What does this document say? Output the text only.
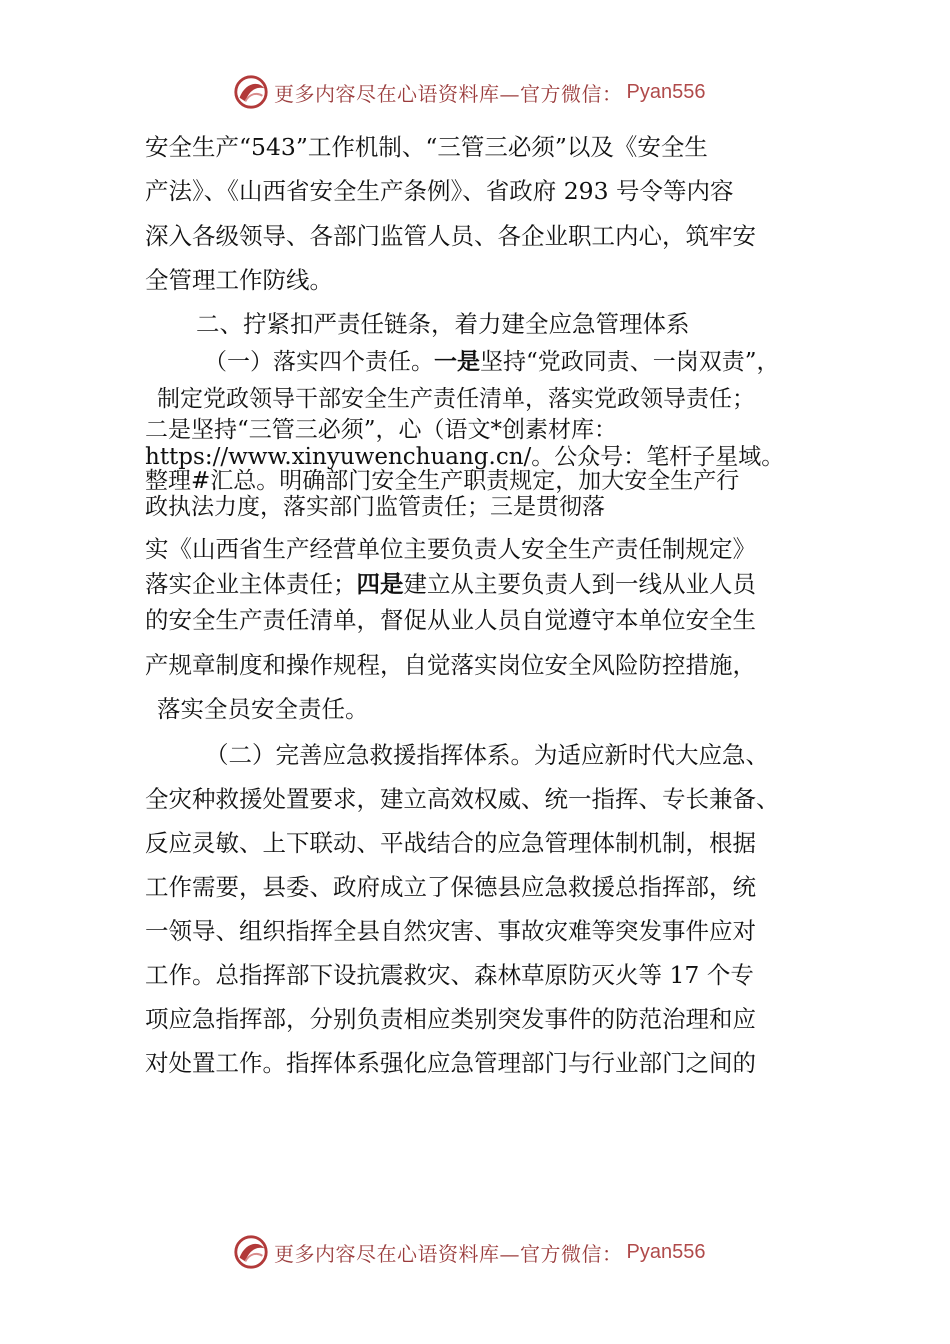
更多内容尽在心语资料库—官方微信： Pyan556
安全生产“543”工作机制、“三管三必须”以及《安全生
产法》、《山西省安全生产条例》、省政府 293 号令等内容
深入各级领导、各部门监管人员、各企业职工内心，筑牢安
全管理工作防线。
二、拧紧扣严责任链条，着力建全应急管理体系
（一）落实四个责任。一是坚持“党政同责、一岗双责”，
制定党政领导干部安全生产责任清单，落实党政领导责任；
二是坚持“三管三必须”，心（语文*创素材库：
https://www.xinyuwenchuang.cn/。公众号：笔杆子星域。
整理#汇总。明确部门安全生产职责规定，加大安全生产行
政执法力度，落实部门监管责任；三是贯彻落
实《山西省生产经营单位主要负责人安全生产责任制规定》
落实企业主体责任；四是建立从主要负责人到一线从业人员
的安全生产责任清单，督促从业人员自觉遵守本单位安全生
产规章制度和操作规程，自觉落实岗位安全风险防控措施，
落实全员安全责任。
（二）完善应急救援指挥体系。为适应新时代大应急、
全灾种救援处置要求，建立高效权威、统一指挥、专长兼备、
反应灵敏、上下联动、平战结合的应急管理体制机制，根据
工作需要，县委、政府成立了保德县应急救援总指挥部，统
一领导、组织指挥全县自然灾害、事故灾难等突发事件应对
工作。总指挥部下设抗震救灾、森林草原防灭火等 17 个专
项应急指挥部，分别负责相应类别突发事件的防范治理和应
对处置工作。指挥体系强化应急管理部门与行业部门之间的
更多内容尽在心语资料库—官方微信： Pyan556
